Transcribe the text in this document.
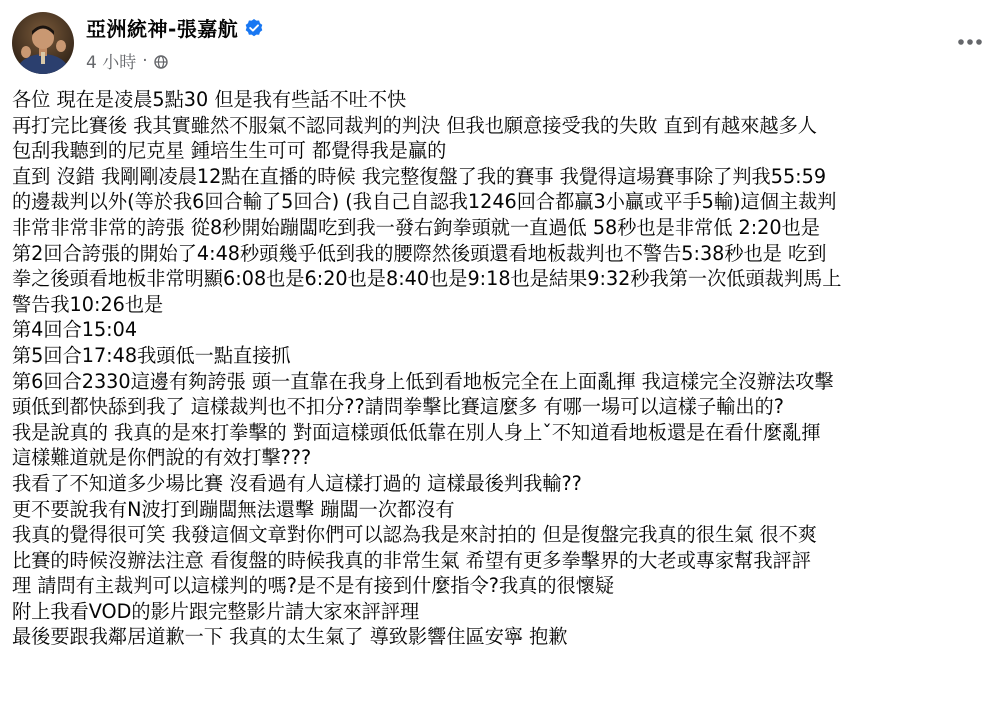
亞洲統神-張嘉航
4 小時 ·
各位 現在是凌晨5點30 但是我有些話不吐不快
再打完比賽後 我其實雖然不服氣不認同裁判的判決 但我也願意接受我的失敗 直到有越來越多人
包刮我聽到的尼克星 鍾培生生可可 都覺得我是贏的
直到 沒錯 我剛剛凌晨12點在直播的時候 我完整復盤了我的賽事 我覺得這場賽事除了判我55:59
的邊裁判以外(等於我6回合輸了5回合) (我自己自認我1246回合都贏3小贏或平手5輸)這個主裁判
非常非常非常的誇張 從8秒開始蹦闆吃到我一發右鉤拳頭就一直過低 58秒也是非常低 2:20也是
第2回合誇張的開始了4:48秒頭幾乎低到我的腰際然後頭還看地板裁判也不警告5:38秒也是 吃到
拳之後頭看地板非常明顯6:08也是6:20也是8:40也是9:18也是結果9:32秒我第一次低頭裁判馬上
警告我10:26也是
第4回合15:04
第5回合17:48我頭低一點直接抓
第6回合2330這邊有夠誇張 頭一直靠在我身上低到看地板完全在上面亂揮 我這樣完全沒辦法攻擊
頭低到都快舔到我了 這樣裁判也不扣分??請問拳擊比賽這麼多 有哪一場可以這樣子輸出的?
我是說真的 我真的是來打拳擊的 對面這樣頭低低靠在別人身上ˇ不知道看地板還是在看什麼亂揮
這樣難道就是你們說的有效打擊???
我看了不知道多少場比賽 沒看過有人這樣打過的 這樣最後判我輸??
更不要說我有N波打到蹦闆無法還擊 蹦闆一次都沒有
我真的覺得很可笑 我發這個文章對你們可以認為我是來討拍的 但是復盤完我真的很生氣 很不爽
比賽的時候沒辦法注意 看復盤的時候我真的非常生氣 希望有更多拳擊界的大老或專家幫我評評
理 請問有主裁判可以這樣判的嗎?是不是有接到什麼指令?我真的很懷疑
附上我看VOD的影片跟完整影片請大家來評評理
最後要跟我鄰居道歉一下 我真的太生氣了 導致影響住區安寧 抱歉
